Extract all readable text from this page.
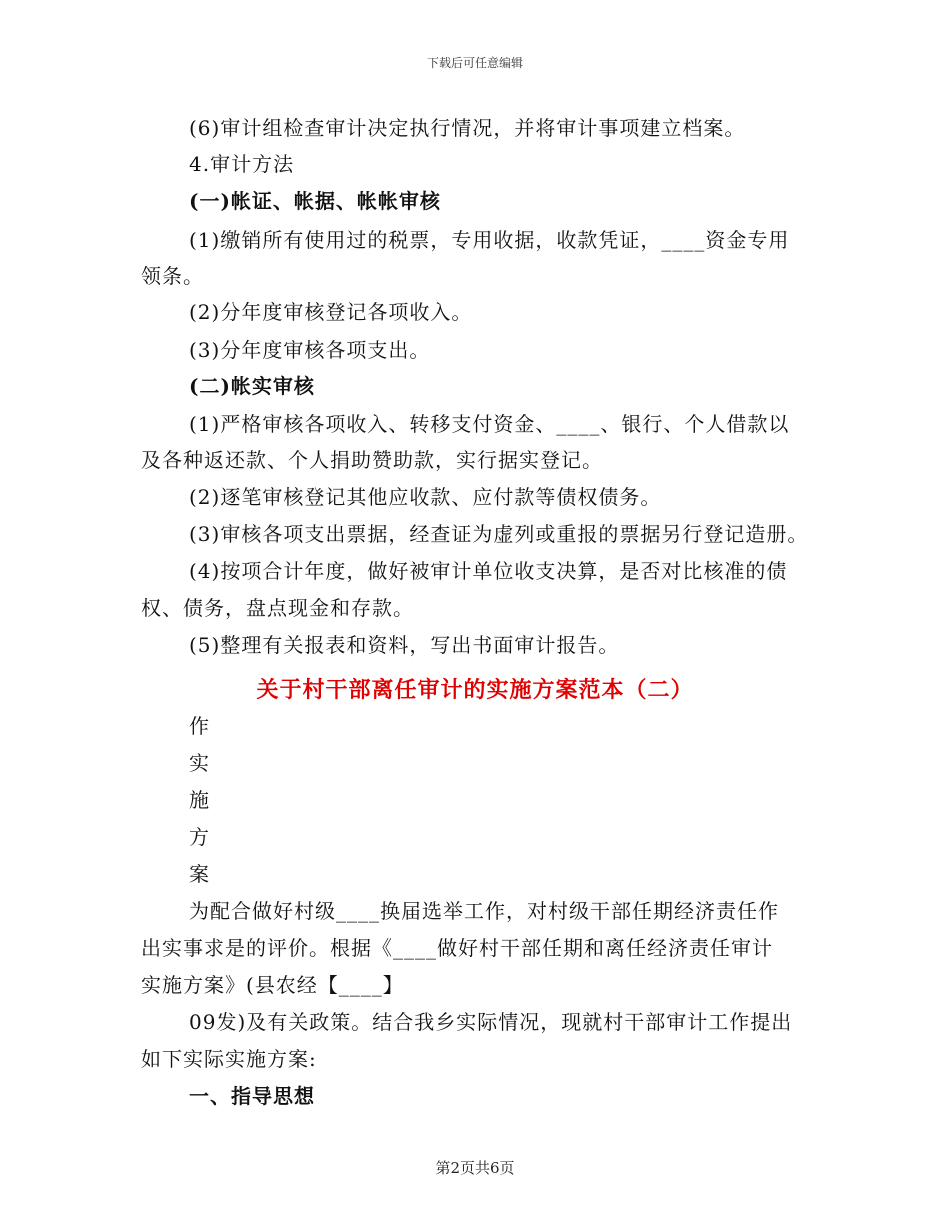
下载后可任意编辑
(6)审计组检查审计决定执行情况，并将审计事项建立档案。
4.审计方法
(一)帐证、帐据、帐帐审核
(1)缴销所有使用过的税票，专用收据，收款凭证，____资金专用
领条。
(2)分年度审核登记各项收入。
(3)分年度审核各项支出。
(二)帐实审核
(1)严格审核各项收入、转移支付资金、____、银行、个人借款以
及各种返还款、个人捐助赞助款，实行据实登记。
(2)逐笔审核登记其他应收款、应付款等债权债务。
(3)审核各项支出票据，经查证为虚列或重报的票据另行登记造册。
(4)按项合计年度，做好被审计单位收支决算，是否对比核准的债
权、债务，盘点现金和存款。
(5)整理有关报表和资料，写出书面审计报告。
关于村干部离任审计的实施方案范本（二）
作
实
施
方
案
为配合做好村级____换届选举工作，对村级干部任期经济责任作
出实事求是的评价。根据《____做好村干部任期和离任经济责任审计
实施方案》(县农经【____】
09发)及有关政策。结合我乡实际情况，现就村干部审计工作提出
如下实际实施方案:
一、指导思想
第2页共6页
